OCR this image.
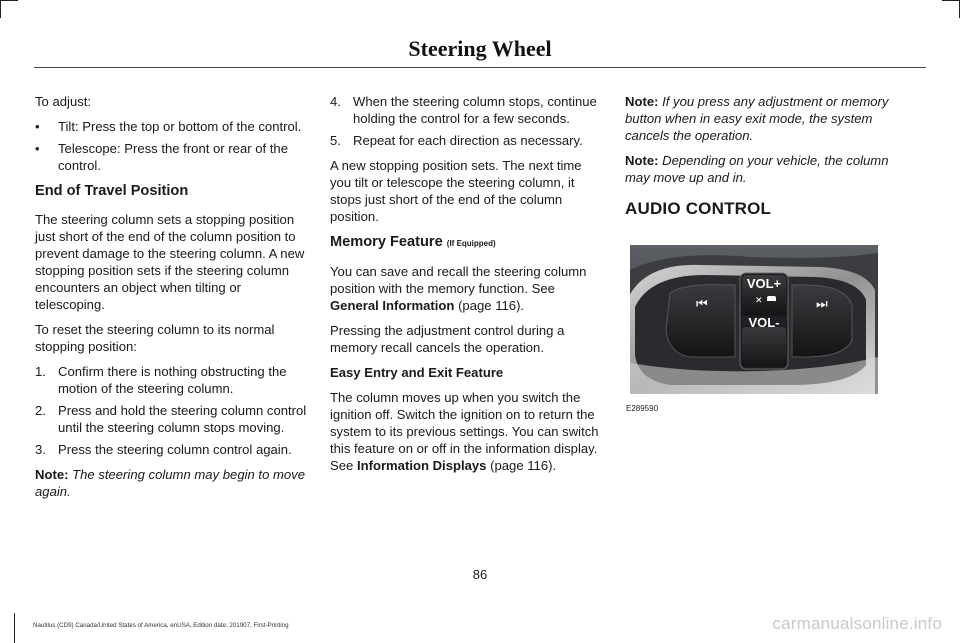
Steering Wheel

To adjust:

• Tilt: Press the top or bottom of the control.
• Telescope: Press the front or rear of the control.
End of Travel Position

The steering column sets a stopping position just short of the end of the column position to prevent damage to the steering column. A new stopping position sets if the steering column encounters an object when tilting or telescoping.

To reset the steering column to its normal stopping position:

1. Confirm there is nothing obstructing the motion of the steering column.
2. Press and hold the steering column control until the steering column stops moving.
3. Press the steering column control again.

Note: The steering column may begin to move again.

4. When the steering column stops, continue holding the control for a few seconds.
5. Repeat for each direction as necessary.

A new stopping position sets. The next time you tilt or telescope the steering column, it stops just short of the end of the column position.

Memory Feature (If Equipped)

You can save and recall the steering column position with the memory function. See General Information (page 116).

Pressing the adjustment control during a memory recall cancels the operation.

Easy Entry and Exit Feature

The column moves up when you switch the ignition off. Switch the ignition on to return the system to its previous settings. You can switch this feature on or off in the information display. See Information Displays (page 116).

Note: If you press any adjustment or memory button when in easy exit mode, the system cancels the operation.

Note: Depending on your vehicle, the column may move up and in.

AUDIO CONTROL
VOL+
✕
VOL-
⏮	⏭
E289590
86
Nautilus (CD9) Canada/United States of America, enUSA, Edition date: 201907, First-Printing	carmanualsonline.info
